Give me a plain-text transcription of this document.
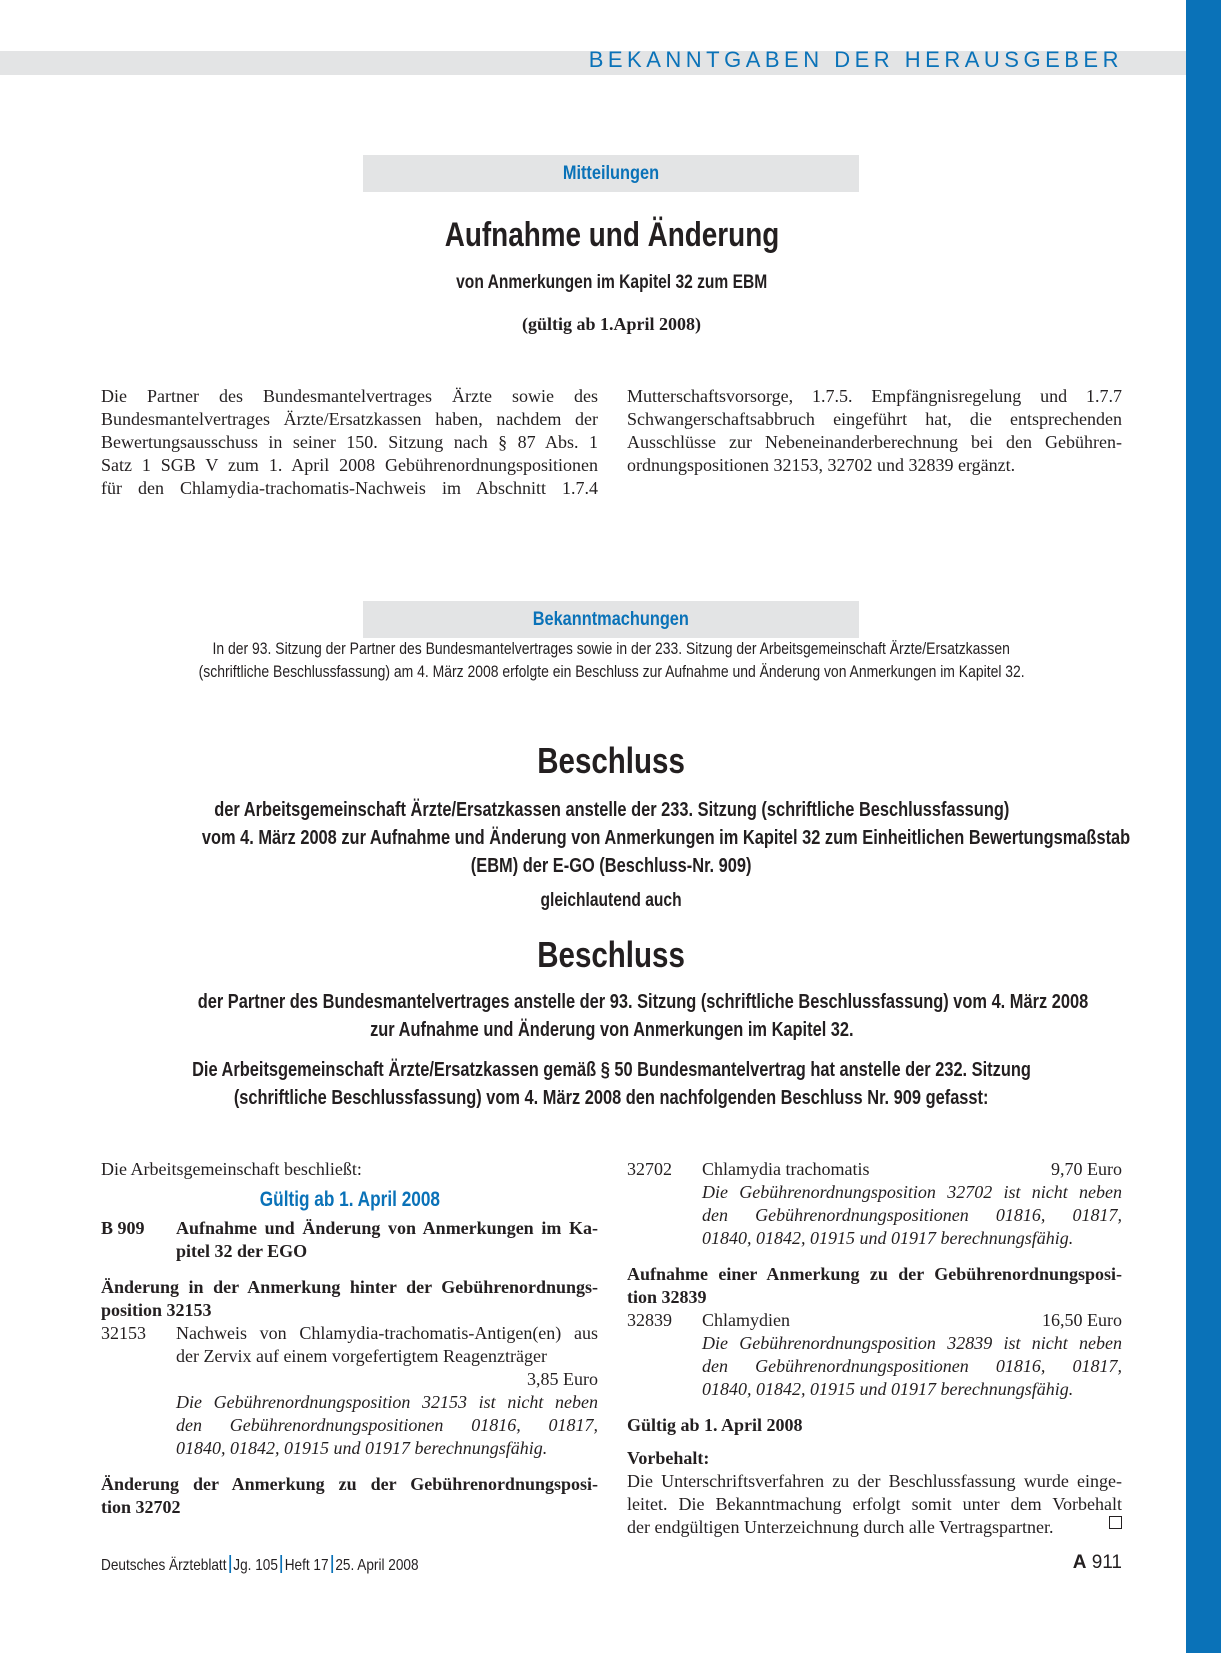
BEKANNTGABEN DER HERAUSGEBER
Mitteilungen
Aufnahme und Änderung
von Anmerkungen im Kapitel 32 zum EBM
(gültig ab 1.April 2008)
Die Partner des Bundesmantelvertrages Ärzte sowie des
Bundesmantelvertrages Ärzte/Ersatzkassen haben, nachdem der
Bewertungsausschuss in seiner 150. Sitzung nach § 87 Abs. 1
Satz 1 SGB V zum 1. April 2008 Gebührenordnungspositionen
für den Chlamydia-trachomatis-Nachweis im Abschnitt 1.7.4
Mutterschaftsvorsorge, 1.7.5. Empfängnisregelung und 1.7.7
Schwangerschaftsabbruch eingeführt hat, die entsprechenden
Ausschlüsse zur Nebeneinanderberechnung bei den Gebühren-
ordnungspositionen 32153, 32702 und 32839 ergänzt.
Bekanntmachungen
In der 93. Sitzung der Partner des Bundesmantelvertrages sowie in der 233. Sitzung der Arbeitsgemeinschaft Ärzte/Ersatzkassen
(schriftliche Beschlussfassung) am 4. März 2008 erfolgte ein Beschluss zur Aufnahme und Änderung von Anmerkungen im Kapitel 32.
Beschluss
der Arbeitsgemeinschaft Ärzte/Ersatzkassen anstelle der 233. Sitzung (schriftliche Beschlussfassung)
vom 4. März 2008 zur Aufnahme und Änderung von Anmerkungen im Kapitel 32 zum Einheitlichen Bewertungsmaßstab
(EBM) der E-GO (Beschluss-Nr. 909)
gleichlautend auch
Beschluss
der Partner des Bundesmantelvertrages anstelle der 93. Sitzung (schriftliche Beschlussfassung) vom 4. März 2008
zur Aufnahme und Änderung von Anmerkungen im Kapitel 32.
Die Arbeitsgemeinschaft Ärzte/Ersatzkassen gemäß § 50 Bundesmantelvertrag hat anstelle der 232. Sitzung
(schriftliche Beschlussfassung) vom 4. März 2008 den nachfolgenden Beschluss Nr. 909 gefasst:
Die Arbeitsgemeinschaft beschließt:
Gültig ab 1. April 2008
B 909	Aufnahme und Änderung von Anmerkungen im Ka-
pitel 32 der EGO
Änderung in der Anmerkung hinter der Gebührenordnungs-
position 32153
32153	Nachweis von Chlamydia-trachomatis-Antigen(en) aus
der Zervix auf einem vorgefertigtem Reagenzträger
3,85 Euro
Die Gebührenordnungsposition 32153 ist nicht neben
den Gebührenordnungspositionen 01816, 01817,
01840, 01842, 01915 und 01917 berechnungsfähig.
Änderung der Anmerkung zu der Gebührenordnungsposi-
tion 32702
32702	Chlamydia trachomatis	9,70 Euro
Die Gebührenordnungsposition 32702 ist nicht neben
den Gebührenordnungspositionen 01816, 01817,
01840, 01842, 01915 und 01917 berechnungsfähig.
Aufnahme einer Anmerkung zu der Gebührenordnungsposi-
tion 32839
32839	Chlamydien	16,50 Euro
Die Gebührenordnungsposition 32839 ist nicht neben
den Gebührenordnungspositionen 01816, 01817,
01840, 01842, 01915 und 01917 berechnungsfähig.
Gültig ab 1. April 2008
Vorbehalt:
Die Unterschriftsverfahren zu der Beschlussfassung wurde einge-
leitet. Die Bekanntmachung erfolgt somit unter dem Vorbehalt
der endgültigen Unterzeichnung durch alle Vertragspartner.
Deutsches Ärzteblatt Jg. 105 Heft 17 25. April 2008	A 911
